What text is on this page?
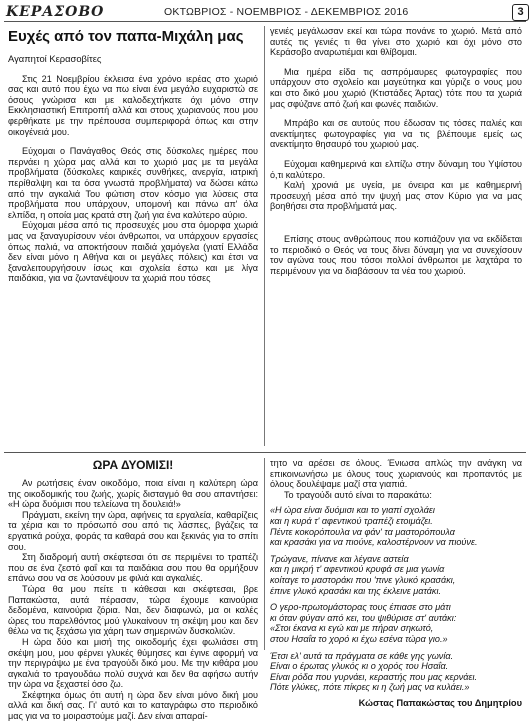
ΚΕΡΑΣΟΒΟ	ΟΚΤΩΒΡΙΟΣ - ΝΟΕΜΒΡΙΟΣ - ΔΕΚΕΜΒΡΙΟΣ 2016	3
Ευχές από τον παπα-Μιχάλη μας

Αγαπητοί Κερασοβίτες

Στις 21 Νοεμβρίου έκλεισα ένα χρόνο ιερέας στο χωριό σας και αυτό που έχω να πω είναι ένα μεγάλο ευχαριστώ σε όσους γνώρισα και με καλοδεχτήκατε όχι μόνο στην Εκκλησιαστική Επιτροπή αλλά και στους χωριανούς που μου φερθήκατε με την πρέπουσα συμπεριφορά όπως και στην οικογένειά μου.

Εύχομαι ο Πανάγαθος Θεός στις δύσκολες ημέρες που περνάει η χώρα μας αλλά και το χωριό μας με τα μεγάλα προβλήματα (δύσκολες καιρικές συνθήκες, ανεργία, ιατρική περίθαλψη και τα όσα γνωστά προβλήματα) να δώσει κάτω από την αγκαλιά Του φώτιση στον κόσμο για λύσεις στα προβλήματα που υπάρχουν, υπομονή και πάνω απ' όλα ελπίδα, η οποία μας κρατά στη ζωή για ένα καλύτερο αύριο.

Εύχομαι μέσα από τις προσευχές μου στα όμορφα χωριά μας να ξαναγυρίσουν νέοι άνθρωποι, να υπάρχουν εργασίες όπως παλιά, να αποκτήσουν παιδιά χαμόγελα (γιατί Ελλάδα δεν είναι μόνο η Αθήνα και οι μεγάλες πόλεις) και έτσι να ξαναλειτουργήσουν ίσως και σχολεία έστω και με λίγα παιδάκια, για να ζωντανέψουν τα χωριά που τόσες

γενιές μεγάλωσαν εκεί και τώρα πονάνε το χωριό. Μετά από αυτές τις γενιές τι θα γίνει στο χωριό και όχι μόνο στο Κεράσοβο αναρωτιέμαι και θλίβομαι.

Μια ημέρα είδα τις ασπρόμαυρες φωτογραφίες που υπάρχουν στο σχολείο και μαγεύτηκα και γύριζε ο νους μου και στο δικό μου χωριό (Κτιστάδες Άρτας) τότε που τα χωριά μας σφύζανε από ζωή και φωνές παιδιών.

Μπράβο και σε αυτούς που έδωσαν τις τόσες παλιές και ανεκτίμητες φωτογραφίες για να τις βλέπουμε εμείς ως ανεκτίμητο θησαυρό του χωριού μας.

Εύχομαι καθημερινά και ελπίζω στην δύναμη του Υψίστου ό,τι καλύτερο.

Καλή χρονιά με υγεία, με όνειρα και με καθημερινή προσευχή μέσα από την ψυχή μας στον Κύριο για να μας βοηθήσει στα προβλήματά μας.

Επίσης στους ανθρώπους που κοπιάζουν για να εκδίδεται το περιοδικό ο Θεός να τους δίνει δύναμη για να συνεχίσουν τον αγώνα τους που τόσοι πολλοί άνθρωποι με λαχτάρα το περιμένουν για να διαβάσουν τα νέα του χωριού.

ΩΡΑ ΔΥΟΜΙΣΙ!

Αν ρωτήσεις έναν οικοδόμο, ποια είναι η καλύτερη ώρα της οικοδομικής του ζωής, χωρίς δισταγμό θα σου απαντήσει: «Η ώρα δυόμισι που τελείωνα τη δουλειά!»

Πράγματι, εκείνη την ώρα, αφήνεις τα εργαλεία, καθαρίζεις τα χέρια και το πρόσωπό σου από τις λάσπες, βγάζεις τα εργατικά ρούχα, φοράς τα καθαρά σου και ξεκινάς για το σπίτι σου.

Στη διαδρομή αυτή σκέφτεσαι ότι σε περιμένει το τραπέζι που σε ένα ζεστό φαΐ και τα παιδάκια σου που θα ορμήξουν επάνω σου να σε λούσουν με φιλιά και αγκαλιές.

Τώρα θα μου πείτε τι κάθεσαι και σκέφτεσαι, βρε Παπακώστα, αυτά πέρασαν, τώρα έχουμε καινούρια δεδομένα, καινούρια ζόρια. Ναι, δεν διαφωνώ, μα οι καλές ώρες του παρελθόντος μού γλυκαίνουν τη σκέψη μου και δεν θέλω να τις ξεχάσω για χάρη των σημερινών δυσκολιών.

Η ώρα δύο και μισή της οικοδομής έχει φωλιάσει στη σκέψη μου, μου φέρνει γλυκές θύμησες και έγινε αφορμή να την περιγράψω με ένα τραγούδι δικό μου. Με την κιθάρα μου αγκαλιά το τραγουδάω πολύ συχνά και δεν θα αφήσω αυτήν την ώρα να ξεχαστεί όσο ζω.

Σκέφτηκα όμως ότι αυτή η ώρα δεν είναι μόνο δική μου αλλά και δική σας. Γι' αυτό και το καταγράφω στο περιοδικό μας για να το μοιραστούμε μαζί. Δεν είναι απαραί-

τητο να αρέσει σε όλους. Ένιωσα απλώς την ανάγκη να επικοινωνήσω με όλους τους χωριανούς και προπαντός με όλους δουλέψαμε μαζί στα γιαπιά.

Το τραγούδι αυτό είναι το παρακάτω:

«Η ώρα είναι δυόμισι και το γιαπί σχολάει

και η κυρά τ' αφεντικού τραπέζι ετοιμάζει.

Πέντε κοκορόπουλα να φάν' τα μαστορόπουλα

και κρασάκι για να πιούνε, καλοστέρνουν να πιούνε.

Τρώγανε, πίνανε και λέγανε αστεία

και η μικρή τ' αφεντικού κρυφά σε μια γωνία

κοίταγε το μαστοράκι που 'πινε γλυκό κρασάκι,

έπινε γλυκό κρασάκι και της έκλεινε ματάκι.

Ο γερο-πρωτομάστορας τους έπιασε στο μάτι

κι όταν φύγαν από κει, του ψιθύρισε στ' αυτάκι:

«Στοι έκανα κι εγώ και με πήραν σηκωτό,

στου Ησαΐα το χορό κι έχω εσένα τώρα γιο.»

Έτσι ελ' αυτά τα πράγματα σε κάθε γης γωνία.

Είναι ο έρωτας γλυκός κι ο χορός του Ησαΐα.

Είναι ρόδα που γυρνάει, κεραστής που μας κερνάει.

Πότε γλύκες, πότε πίκρες κι η ζωή μας να κυλάει.»

Κώστας Παπακώστας του Δημητρίου
